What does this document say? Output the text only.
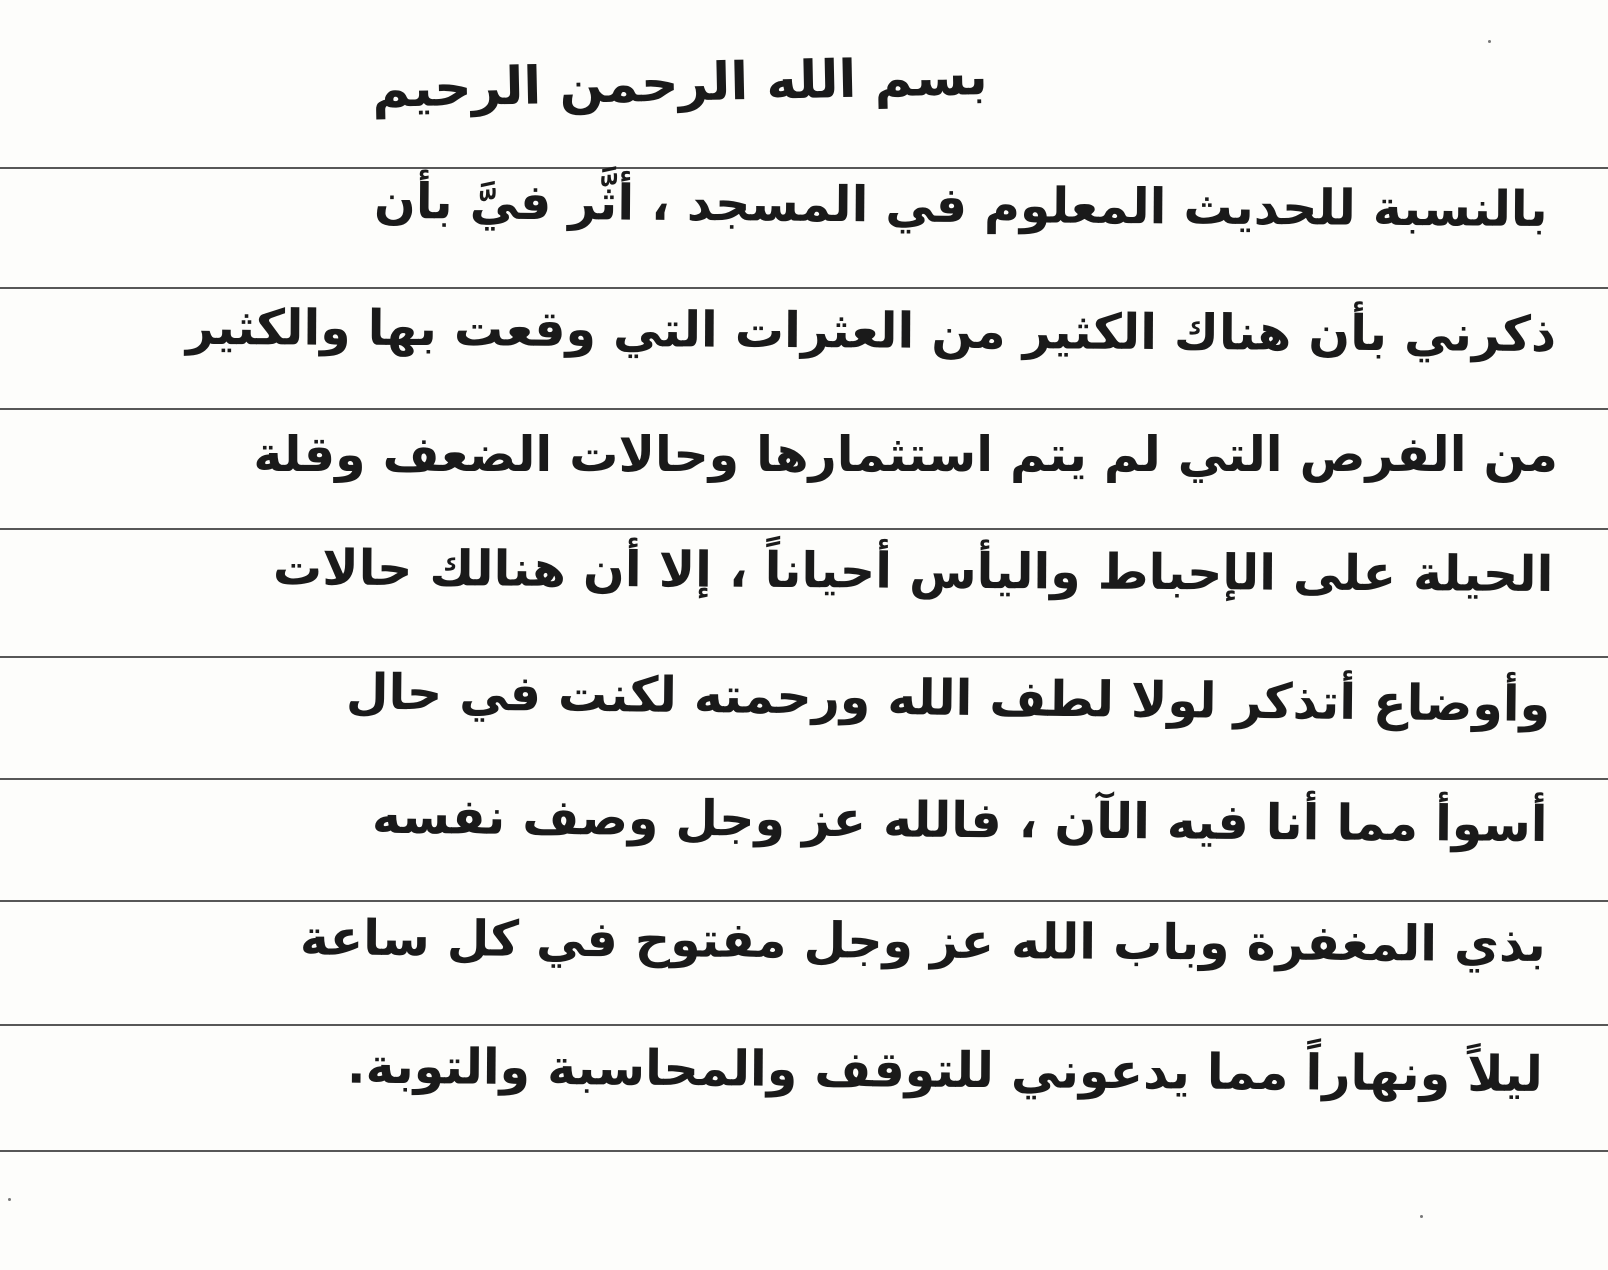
بسم الله الرحمن الرحيم
بالنسبة للحديث المعلوم في المسجد ، أثَّر فيَّ بأن
ذكرني بأن هناك الكثير من العثرات التي وقعت بها والكثير
من الفرص التي لم يتم استثمارها وحالات الضعف وقلة
الحيلة على الإحباط واليأس أحياناً ، إلا أن هنالك حالات
وأوضاع أتذكر لولا لطف الله ورحمته لكنت في حال
أسوأ مما أنا فيه الآن ، فالله عز وجل وصف نفسه
بذي المغفرة وباب الله عز وجل مفتوح في كل ساعة
ليلاً ونهاراً مما يدعوني للتوقف والمحاسبة والتوبة.
